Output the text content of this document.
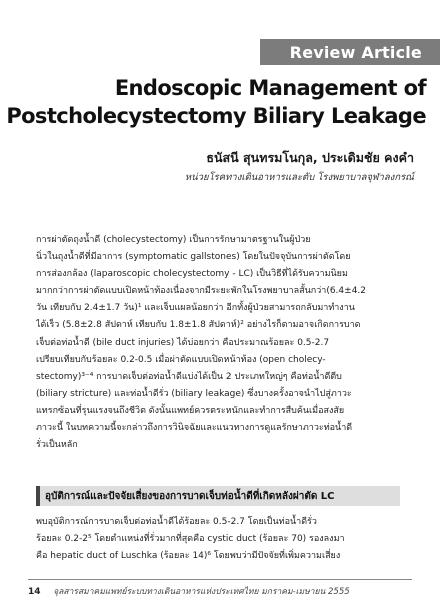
Review Article
Endoscopic Management of
Postcholecystectomy Biliary Leakage
ธนัสนี สุนทรมโนกุล, ประเดิมชัย คงคำ
หน่วยโรคทางเดินอาหารและตับ โรงพยาบาลจุฬาลงกรณ์
การผ่าตัดถุงน้ำดี (cholecystectomy) เป็นการรักษามาตรฐานในผู้ป่วย
นิ่วในถุงน้ำดีที่มีอาการ (symptomatic gallstones) โดยในปัจจุบันการผ่าตัดโดย
การส่องกล้อง (laparoscopic cholecystectomy - LC) เป็นวิธีที่ได้รับความนิยม
มากกว่าการผ่าตัดแบบเปิดหน้าท้องเนื่องจากมีระยะพักในโรงพยาบาลสั้นกว่า(6.4±4.2
วัน เทียบกับ 2.4±1.7 วัน)¹ และเจ็บแผลน้อยกว่า อีกทั้งผู้ป่วยสามารถกลับมาทำงาน
ได้เร็ว (5.8±2.8 สัปดาห์ เทียบกับ 1.8±1.8 สัปดาห์)² อย่างไรก็ตามอาจเกิดการบาด
เจ็บต่อท่อน้ำดี (bile duct injuries) ได้บ่อยกว่า คือประมาณร้อยละ 0.5-2.7
เปรียบเทียบกับร้อยละ 0.2-0.5 เมื่อผ่าตัดแบบเปิดหน้าท้อง (open cholecy-
stectomy)³⁻⁴ การบาดเจ็บต่อท่อน้ำดีแบ่งได้เป็น 2 ประเภทใหญ่ๆ คือท่อน้ำดีตีบ
(biliary stricture) และท่อน้ำดีรั่ว (biliary leakage) ซึ่งบางครั้งอาจนำไปสู่ภาวะ
แทรกซ้อนที่รุนแรงจนถึงชีวิต ดังนั้นแพทย์ควรตระหนักและทำการสืบค้นเมื่อสงสัย
ภาวะนี้ ในบทความนี้จะกล่าวถึงการวินิจฉัยและแนวทางการดูแลรักษาภาวะท่อน้ำดี
รั่วเป็นหลัก
อุบัติการณ์และปัจจัยเสี่ยงของการบาดเจ็บท่อน้ำดีที่เกิดหลังผ่าตัด LC
พบอุบัติการณ์การบาดเจ็บต่อท่อน้ำดีได้ร้อยละ 0.5-2.7 โดยเป็นท่อน้ำดีรั่ว
ร้อยละ 0.2-2⁵ โดยตำแหน่งที่รั่วมากที่สุดคือ cystic duct (ร้อยละ 70) รองลงมา
คือ hepatic duct of Luschka (ร้อยละ 14)⁶ โดยพบว่ามีปัจจัยที่เพิ่มความเสี่ยง
14 จุลสารสมาคมแพทย์ระบบทางเดินอาหารแห่งประเทศไทย มกราคม-เมษายน 2555
